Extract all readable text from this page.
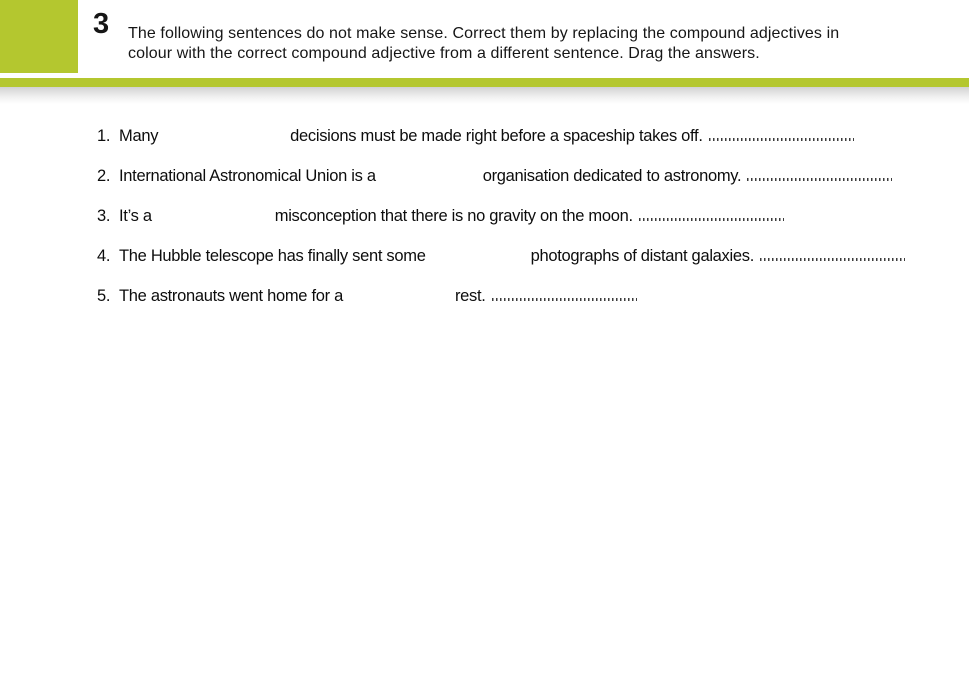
3 The following sentences do not make sense. Correct them by replacing the compound adjectives in
colour with the correct compound adjective from a different sentence. Drag the answers.
1. Many	decisions must be made right before a spaceship takes off.
2. International Astronomical Union is a	organisation dedicated to astronomy.
3. It’s a	misconception that there is no gravity on the moon.
4. The Hubble telescope has finally sent some	photographs of distant galaxies.
5. The astronauts went home for a	rest.
